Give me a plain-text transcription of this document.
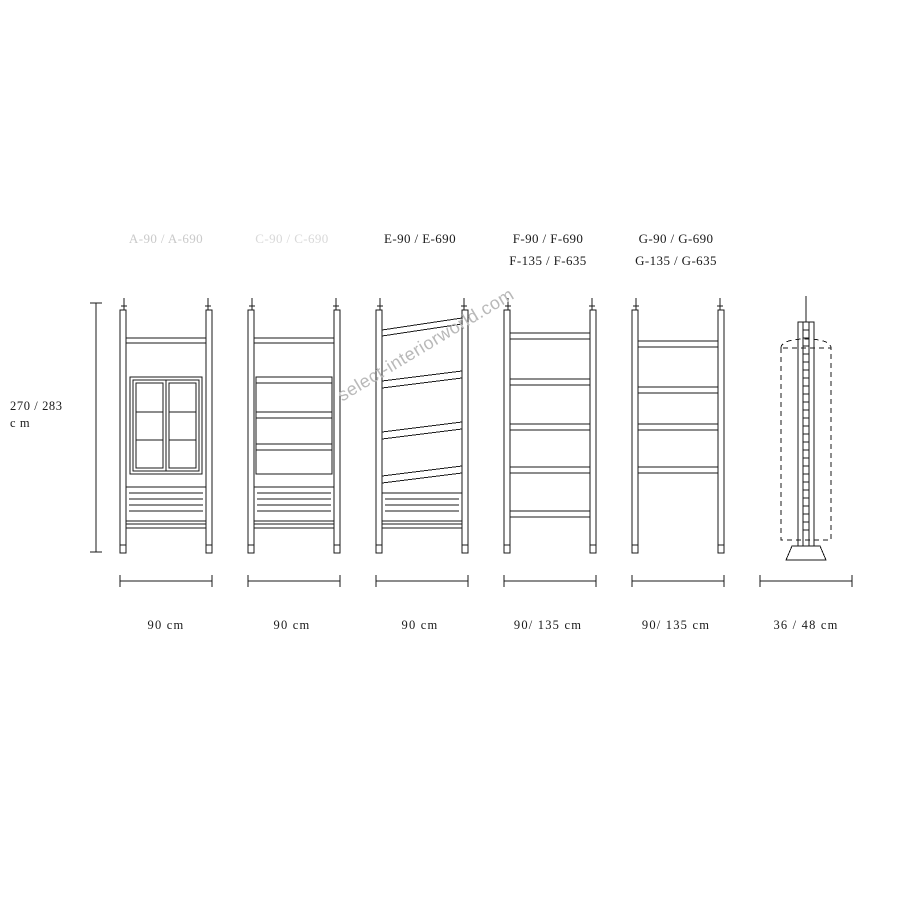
A-90 / A-690	C-90 / C-690	E-90 / E-690	F-90 / F-690
F-135 / F-635
G-90 / G-690
G-135 / G-635
270 / 283
c m
90 cm	90 cm	90 cm	90/ 135 cm	90/ 135 cm	36 / 48 cm
select-interiorworld.com
